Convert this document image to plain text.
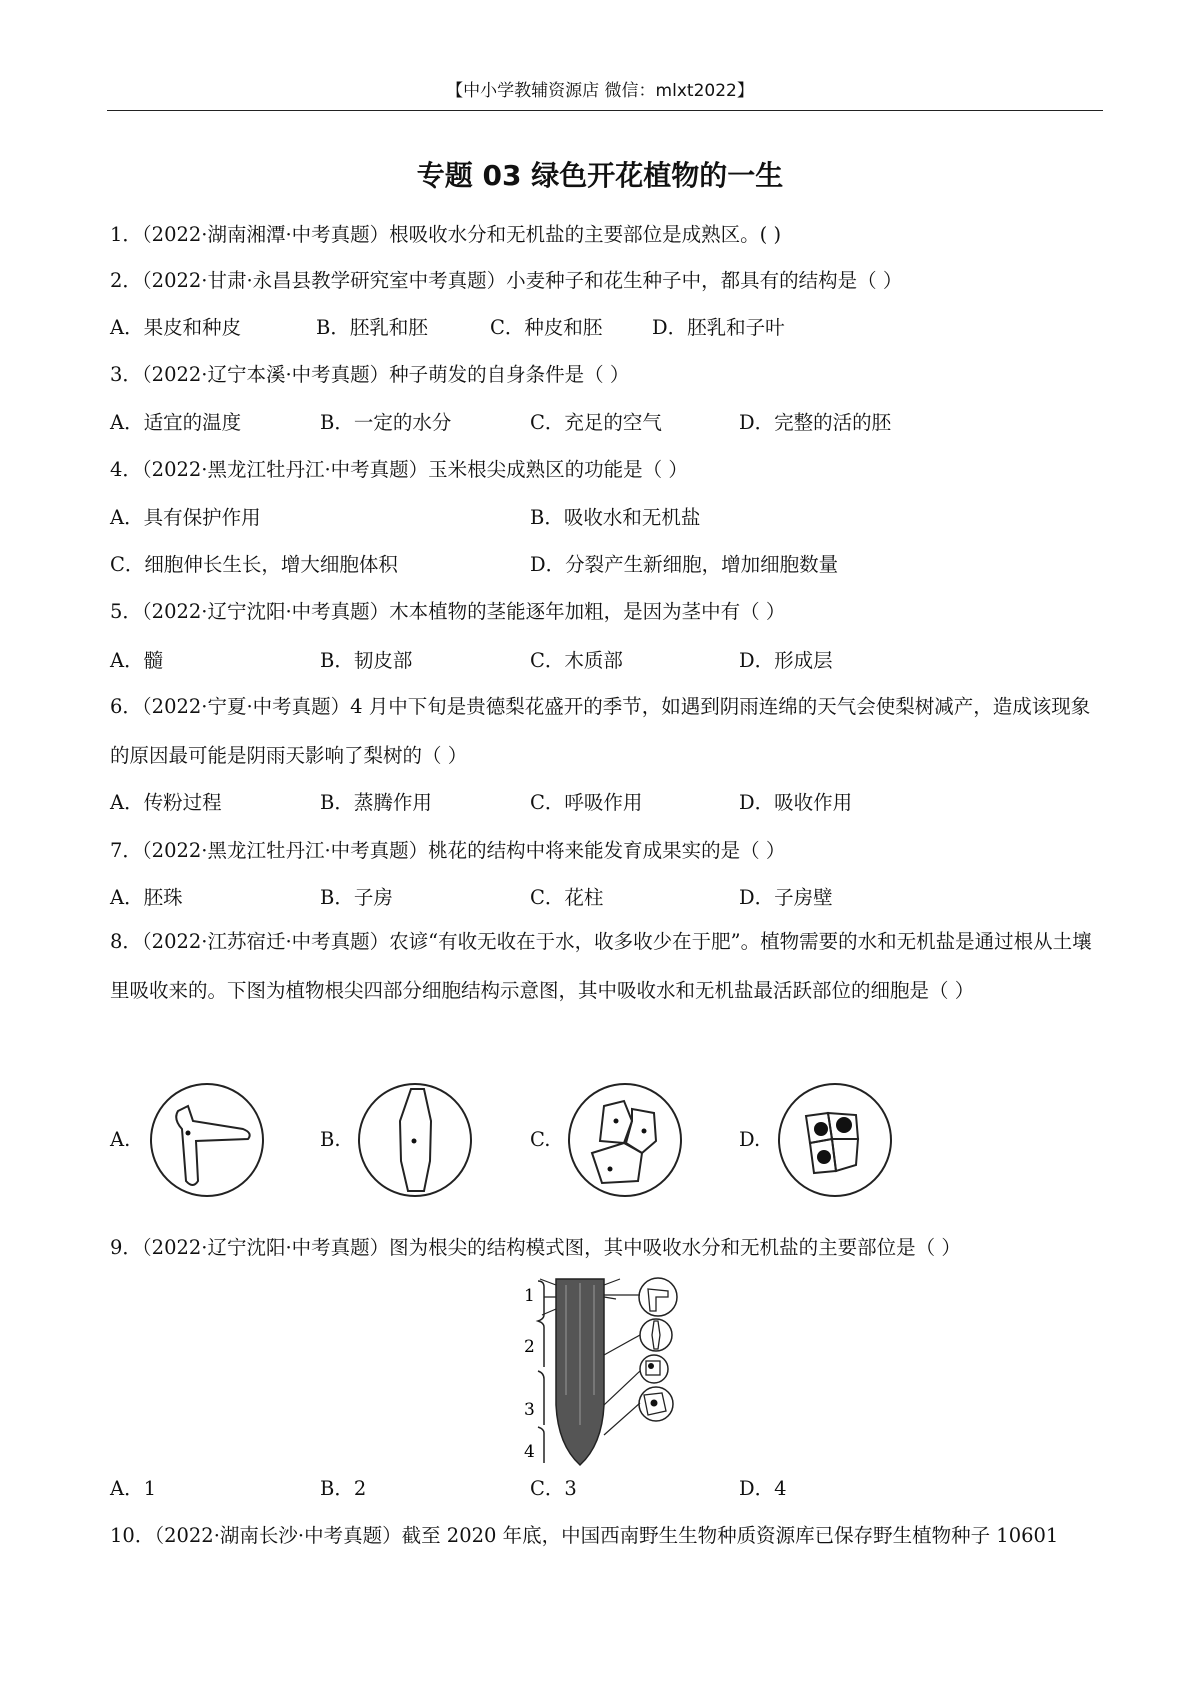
【中小学教辅资源店 微信：mlxt2022】
专题 03 绿色开花植物的一生
1．（2022·湖南湘潭·中考真题）根吸收水分和无机盐的主要部位是成熟区。( )
2．（2022·甘肃·永昌县教学研究室中考真题）小麦种子和花生种子中，都具有的结构是（ ）
A．果皮和种皮	B．胚乳和胚	C．种皮和胚	D．胚乳和子叶
3．（2022·辽宁本溪·中考真题）种子萌发的自身条件是（ ）
A．适宜的温度	B．一定的水分	C．充足的空气	D．完整的活的胚
4．（2022·黑龙江牡丹江·中考真题）玉米根尖成熟区的功能是（ ）
A．具有保护作用	B．吸收水和无机盐
C．细胞伸长生长，增大细胞体积	D．分裂产生新细胞，增加细胞数量
5．（2022·辽宁沈阳·中考真题）木本植物的茎能逐年加粗，是因为茎中有（ ）
A．髓	B．韧皮部	C．木质部	D．形成层
6．（2022·宁夏·中考真题）4 月中下旬是贵德梨花盛开的季节，如遇到阴雨连绵的天气会使梨树减产，造成该现象的原因最可能是阴雨天影响了梨树的（ ）
A．传粉过程	B．蒸腾作用	C．呼吸作用	D．吸收作用
7．（2022·黑龙江牡丹江·中考真题）桃花的结构中将来能发育成果实的是（ ）
A．胚珠	B．子房	C．花柱	D．子房壁
8．（2022·江苏宿迁·中考真题）农谚“有收无收在于水，收多收少在于肥”。植物需要的水和无机盐是通过根从土壤里吸收来的。下图为植物根尖四部分细胞结构示意图，其中吸收水和无机盐最活跃部位的细胞是（ ）
A.	B.	C.	D.
9．（2022·辽宁沈阳·中考真题）图为根尖的结构模式图，其中吸收水分和无机盐的主要部位是（ ）
1
2
3
4
A．1	B．2	C．3	D．4
10．（2022·湖南长沙·中考真题）截至 2020 年底，中国西南野生生物种质资源库已保存野生植物种子 10601
